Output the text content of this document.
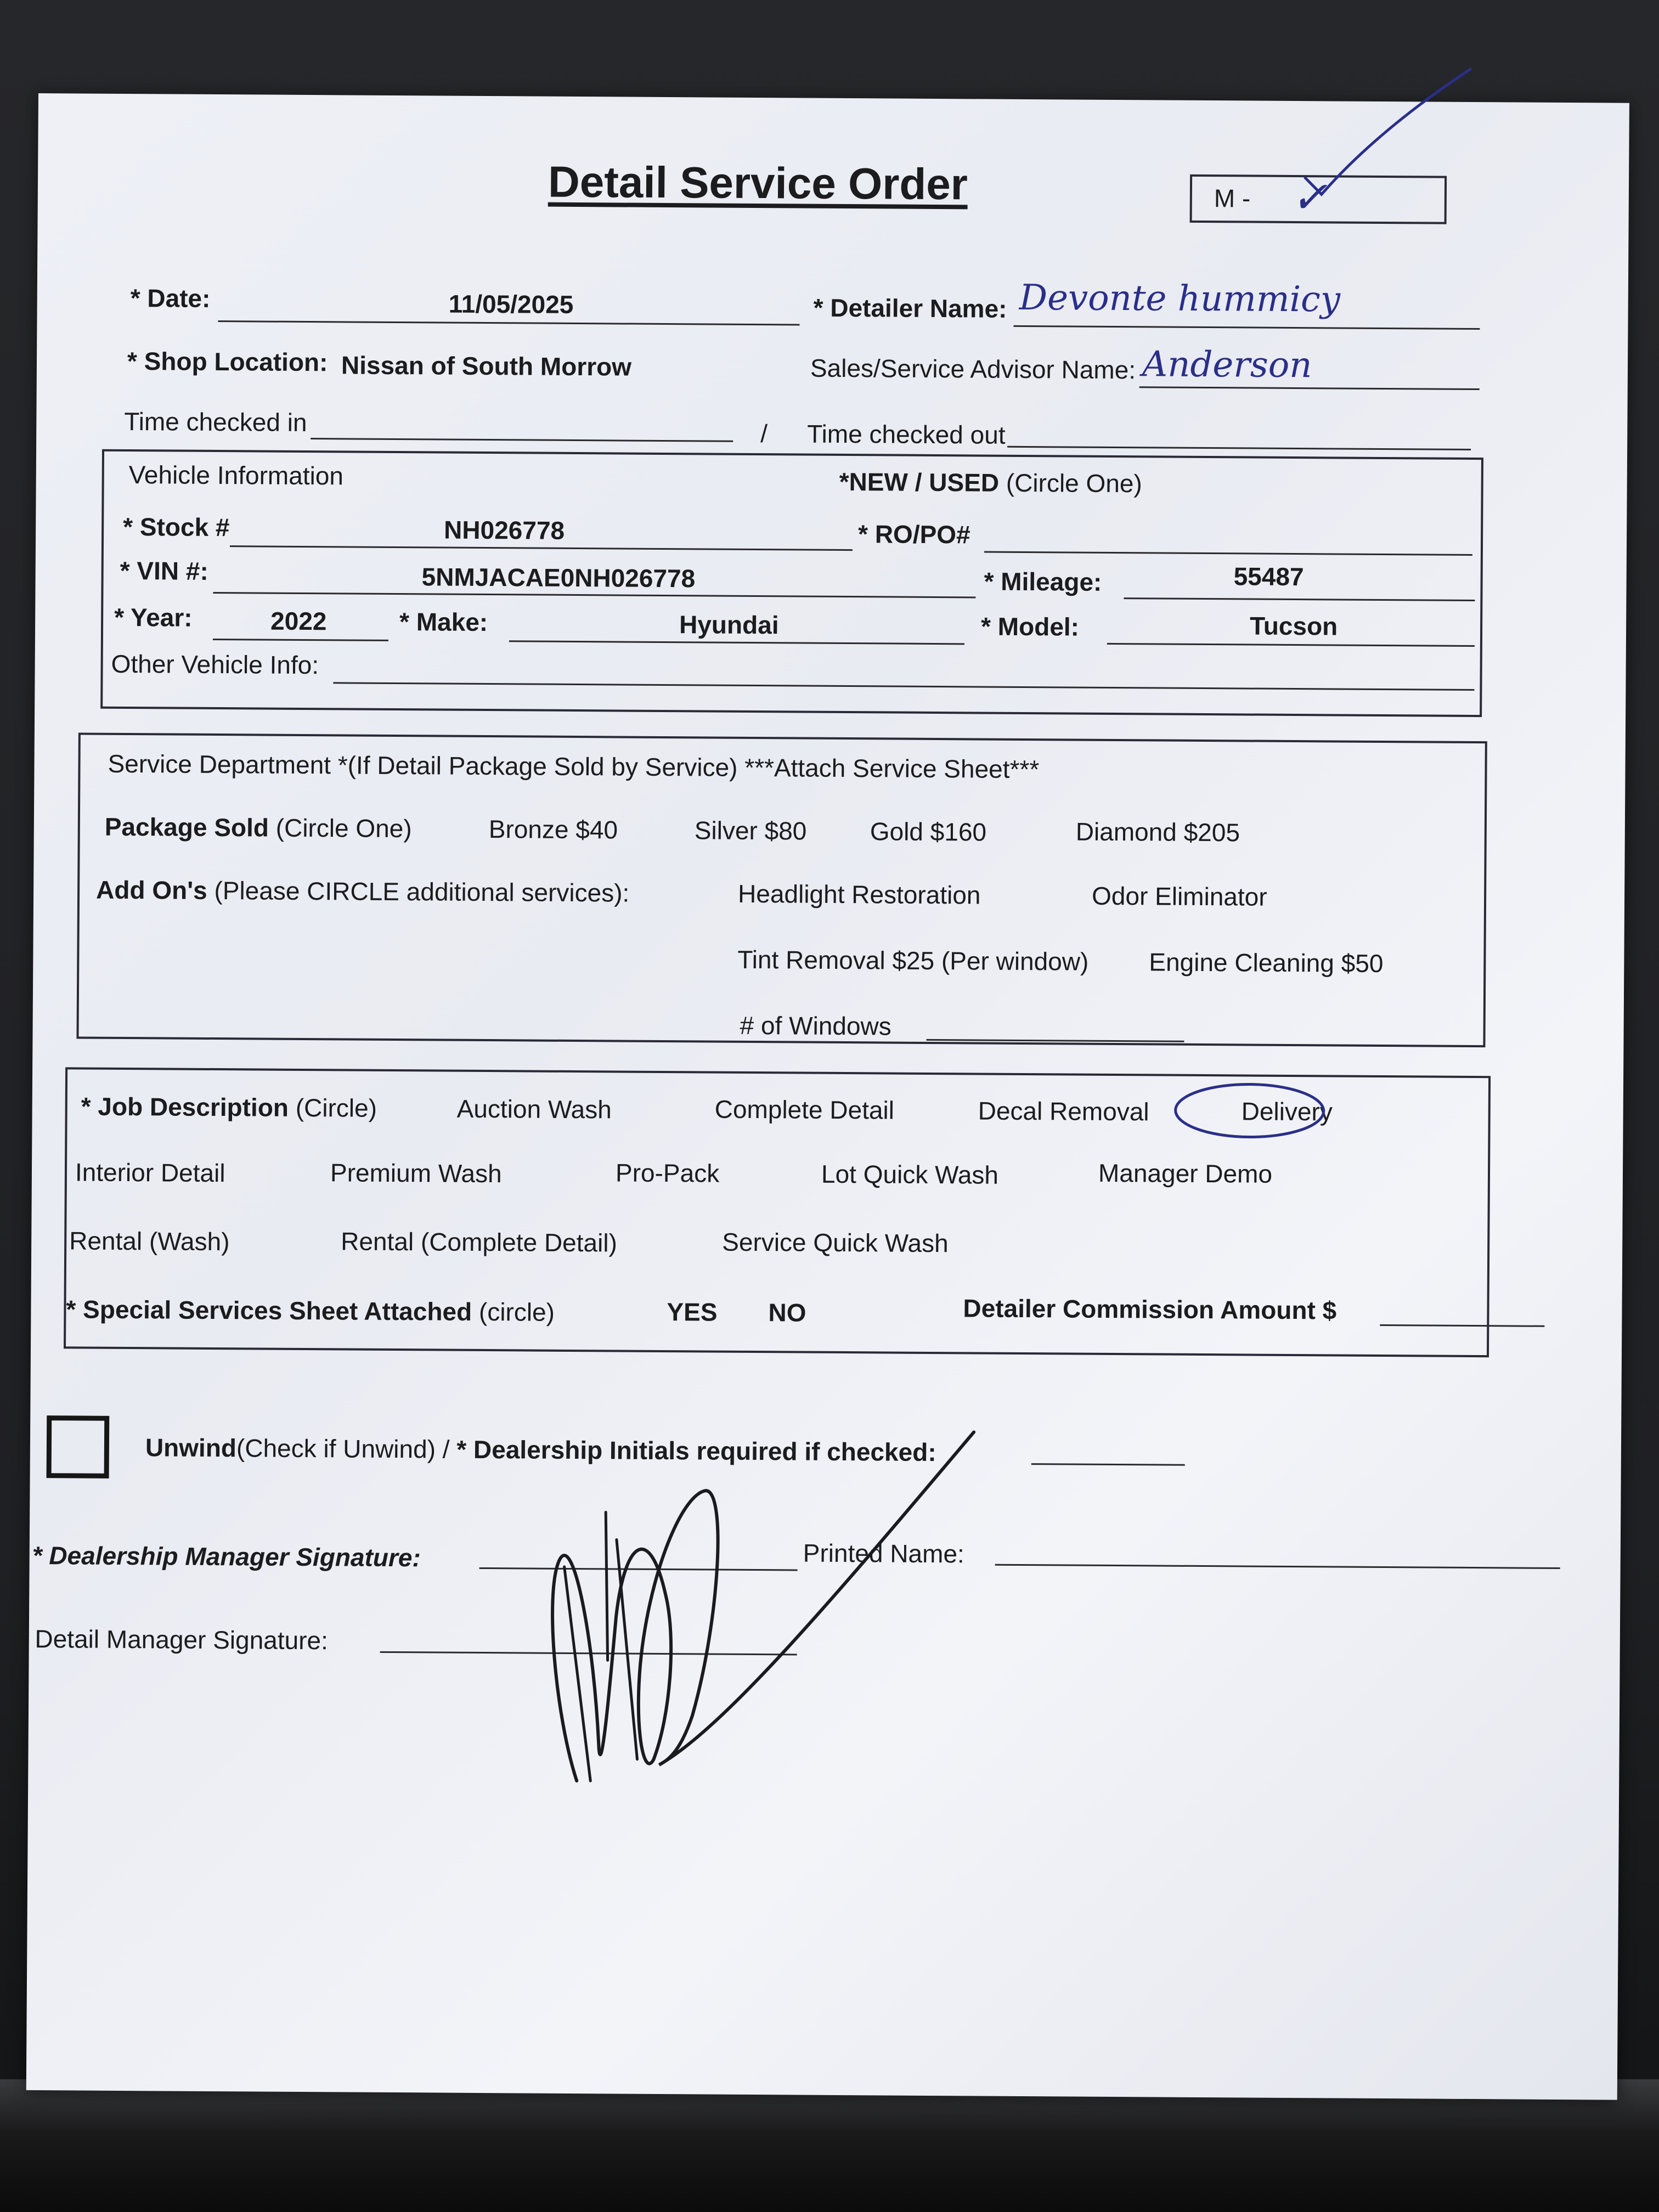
Detail Service Order	M - ✓
* Date:	11/05/2025	* Detailer Name: Devonte hummicy
* Shop Location: Nissan of South Morrow	Sales/Service Advisor Name: Anderson
Time checked in	/ Time checked out
Vehicle Information	*NEW / USED (Circle One)
* Stock #	NH026778	* RO/PO#
* VIN #:	5NMJACAE0NH026778	* Mileage:	55487
* Year:	2022	* Make:	Hyundai	* Model:	Tucson
Other Vehicle Info:
Service Department *(If Detail Package Sold by Service) ***Attach Service Sheet***
Package Sold (Circle One)	Bronze $40	Silver $80	Gold $160	Diamond $205
Add On's (Please CIRCLE additional services):	Headlight Restoration	Odor Eliminator
Tint Removal $25 (Per window) Engine Cleaning $50
# of Windows
* Job Description (Circle)	Auction Wash	Complete Detail	Decal Removal	Delivery
Interior Detail	Premium Wash	Pro-Pack	Lot Quick Wash	Manager Demo
Rental (Wash)	Rental (Complete Detail)	Service Quick Wash
* Special Services Sheet Attached (circle)	YES NO	Detailer Commission Amount $
Unwind(Check if Unwind) / * Dealership Initials required if checked:
* Dealership Manager Signature:	Printed Name:
* Detail Manager Signature:
